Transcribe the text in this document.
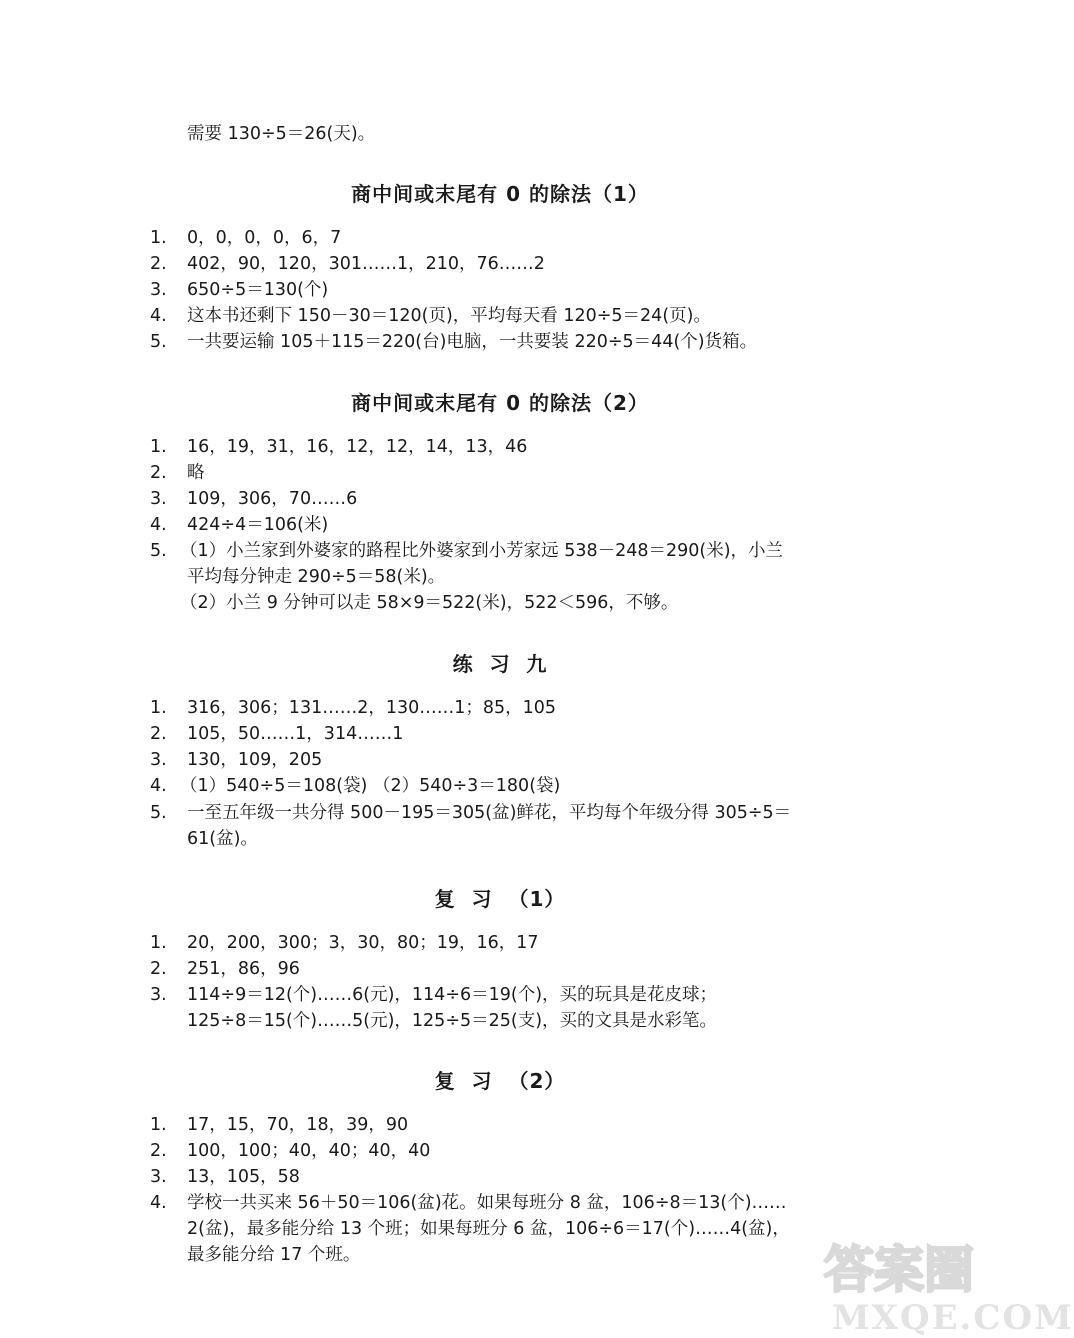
需要 130÷5＝26(天)。
商中间或末尾有 0 的除法（1）
1. 0，0，0，0，6，7
2. 402，90，120，301……1，210，76……2
3. 650÷5＝130(个)
4. 这本书还剩下 150－30＝120(页)，平均每天看 120÷5＝24(页)。
5. 一共要运输 105＋115＝220(台)电脑，一共要装 220÷5＝44(个)货箱。
商中间或末尾有 0 的除法（2）
1. 16，19，31，16，12，12，14，13，46
2. 略
3. 109，306，70……6
4. 424÷4＝106(米)
5. （1）小兰家到外婆家的路程比外婆家到小芳家远 538－248＝290(米)，小兰
平均每分钟走 290÷5＝58(米)。
（2）小兰 9 分钟可以走 58×9＝522(米)，522＜596，不够。
练  习  九
1. 316，306；131……2，130……1；85，105
2. 105，50……1，314……1
3. 130，109，205
4. （1）540÷5＝108(袋) （2）540÷3＝180(袋)
5. 一至五年级一共分得 500－195＝305(盆)鲜花，平均每个年级分得 305÷5＝
61(盆)。
复  习  （1）
1. 20，200，300；3，30，80；19，16，17
2. 251，86，96
3. 114÷9＝12(个)……6(元)，114÷6＝19(个)，买的玩具是花皮球；
125÷8＝15(个)……5(元)，125÷5＝25(支)，买的文具是水彩笔。
复  习  （2）
1. 17，15，70，18，39，90
2. 100，100；40，40；40，40
3. 13，105，58
4. 学校一共买来 56＋50＝106(盆)花。如果每班分 8 盆，106÷8＝13(个)……
2(盆)，最多能分给 13 个班；如果每班分 6 盆，106÷6＝17(个)……4(盆)，
最多能分给 17 个班。	答案圈
MXQE.COM
